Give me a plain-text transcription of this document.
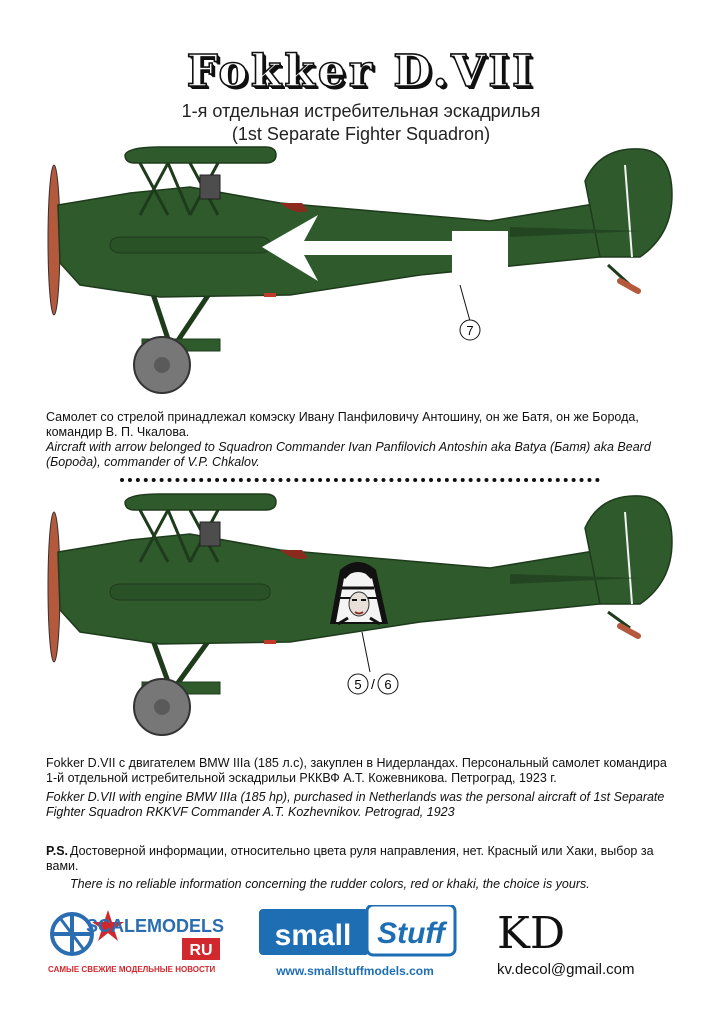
Fokker D.VII
1-я отдельная истребительная эскадрилья
(1st Separate Fighter Squadron)
7
Самолет со стрелой принадлежал комэску Ивану Панфиловичу Антошину, он же Батя, он же Борода, командир В. П. Чкалова.
Aircraft with arrow belonged to Squadron Commander Ivan Panfilovich Antoshin aka Batya (Батя) aka Beard (Борода), commander of V.P. Chkalov.
5 / 6
Fokker D.VII с двигателем BMW IIIa (185 л.с), закуплен в Нидерландах. Персональный самолет командира 1-й отдельной истребительной эскадрильи РККВФ А.Т. Кожевникова. Петроград, 1923 г.
Fokker D.VII with engine BMW IIIa (185 hp), purchased in Netherlands was the personal aircraft of 1st Separate Fighter Squadron RKKVF Commander A.T. Kozhevnikov. Petrograd, 1923
P.S. Достоверной информации, относительно цвета руля направления, нет. Красный или Хаки, выбор за вами.
There is no reliable information concerning the rudder colors, red or khaki, the choice is yours.
SCALEMODELS
RU
САМЫЕ СВЕЖИЕ МОДЕЛЬНЫЕ НОВОСТИ
small Stuff
www.smallstuffmodels.com
KD
kv.decol@gmail.com
